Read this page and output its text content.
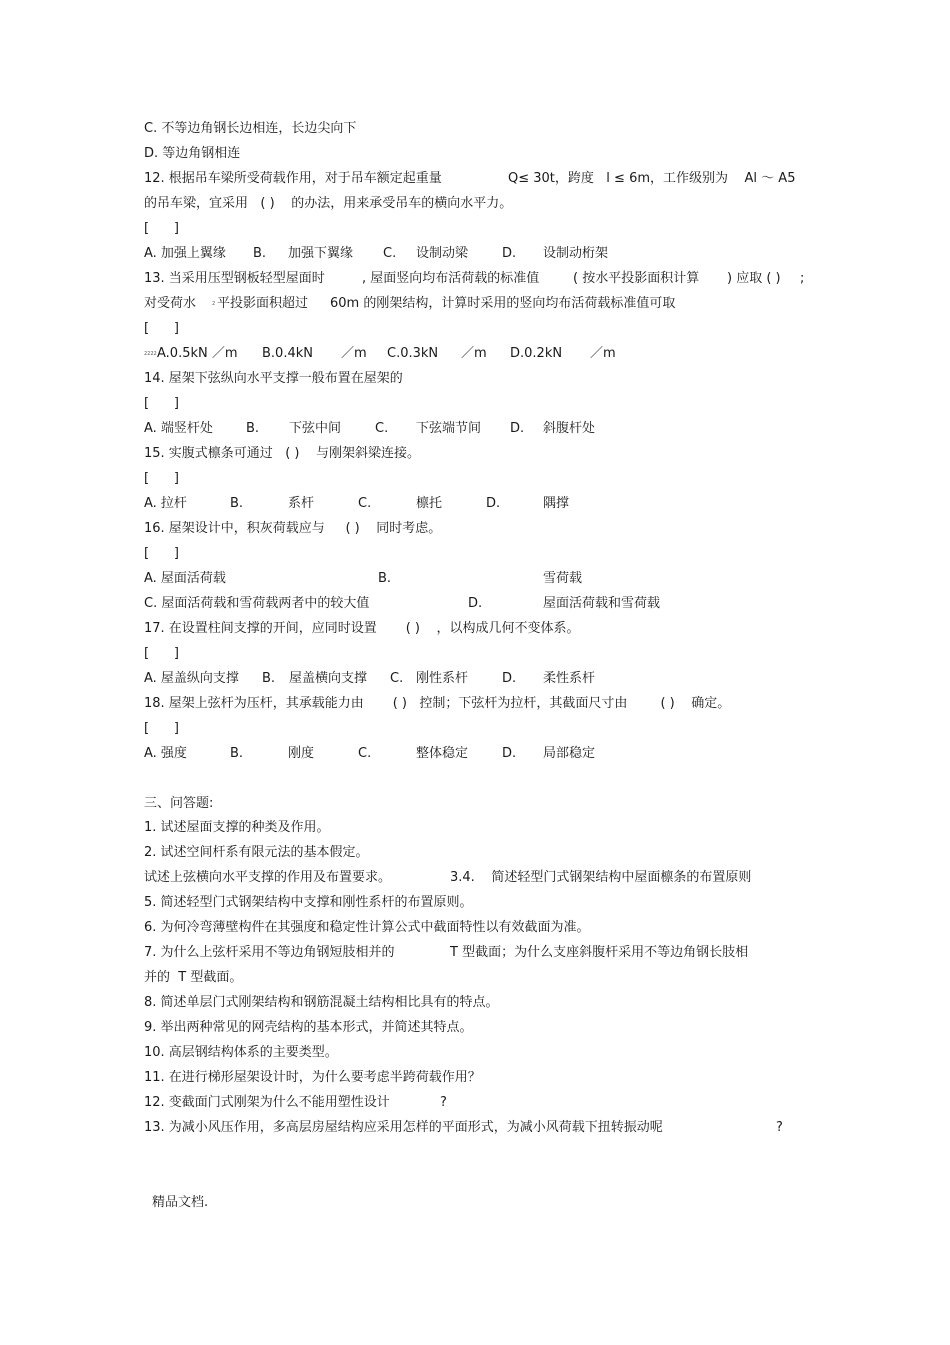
C. 不等边角钢长边相连，长边尖向下
D. 等边角钢相连
12. 根据吊车梁所受荷载作用，对于吊车额定起重量	Q≤ 30t，跨度   l ≤ 6m，工作级别为    Al ～ A5
的吊车梁，宜采用   ( )    的办法，用来承受吊车的横向水平力。
[      ]
A. 加强上翼缘 B. 加强下翼缘 C. 设制动梁	D. 设制动桁架
13. 当采用压型钢板轻型屋面时	, 屋面竖向均布活荷载的标准值	( 按水平投影面积计算 ) 应取 ( ) ;
对受荷水	2 平投影面积超过 60m 的刚架结构，计算时采用的竖向均布活荷载标准值可取
[      ]
2222 A.0.5kN ／m B.0.4kN ／m C.0.3kN ／m D.0.2kN ／m
14. 屋架下弦纵向水平支撑一般布置在屋架的
[      ]
A. 端竖杆处	B. 下弦中间	C. 下弦端节间 D. 斜腹杆处
15. 实腹式檩条可通过   ( )    与刚架斜梁连接。
[      ]
A. 拉杆	B.	系杆	C.	檩托	D.	隅撑
16. 屋架设计中，积灰荷载应与     ( )    同时考虑。
[      ]
A. 屋面活荷载	B.	雪荷载
C. 屋面活荷载和雪荷载两者中的较大值	D.	屋面活荷载和雪荷载
17. 在设置柱间支撑的开间，应同时设置       ( )    ，以构成几何不变体系。
[      ]
A. 屋盖纵向支撑 B. 屋盖横向支撑 C. 刚性系杆	D. 柔性系杆
18. 屋架上弦杆为压杆，其承载能力由       ( )   控制；下弦杆为拉杆，其截面尺寸由        ( )    确定。
[      ]
A. 强度	B.	刚度	C.	整体稳定	D. 局部稳定
三、问答题:
1. 试述屋面支撑的种类及作用。
2. 试述空间杆系有限元法的基本假定。
试述上弦横向水平支撑的作用及布置要求。	3.4.    简述轻型门式钢架结构中屋面檩条的布置原则
5. 简述轻型门式钢架结构中支撑和刚性系杆的布置原则。
6. 为何冷弯薄壁构件在其强度和稳定性计算公式中截面特性以有效截面为准。
7. 为什么上弦杆采用不等边角钢短肢相并的	T 型截面；为什么支座斜腹杆采用不等边角钢长肢相
并的  T 型截面。
8. 简述单层门式刚架结构和钢筋混凝土结构相比具有的特点。
9. 举出两种常见的网壳结构的基本形式，并简述其特点。
10. 高层钢结构体系的主要类型。
11. 在进行梯形屋架设计时，为什么要考虑半跨荷载作用？
12. 变截面门式刚架为什么不能用塑性设计	?
13. 为减小风压作用，多高层房屋结构应采用怎样的平面形式，为减小风荷载下扭转振动呢	?
精品文档.
